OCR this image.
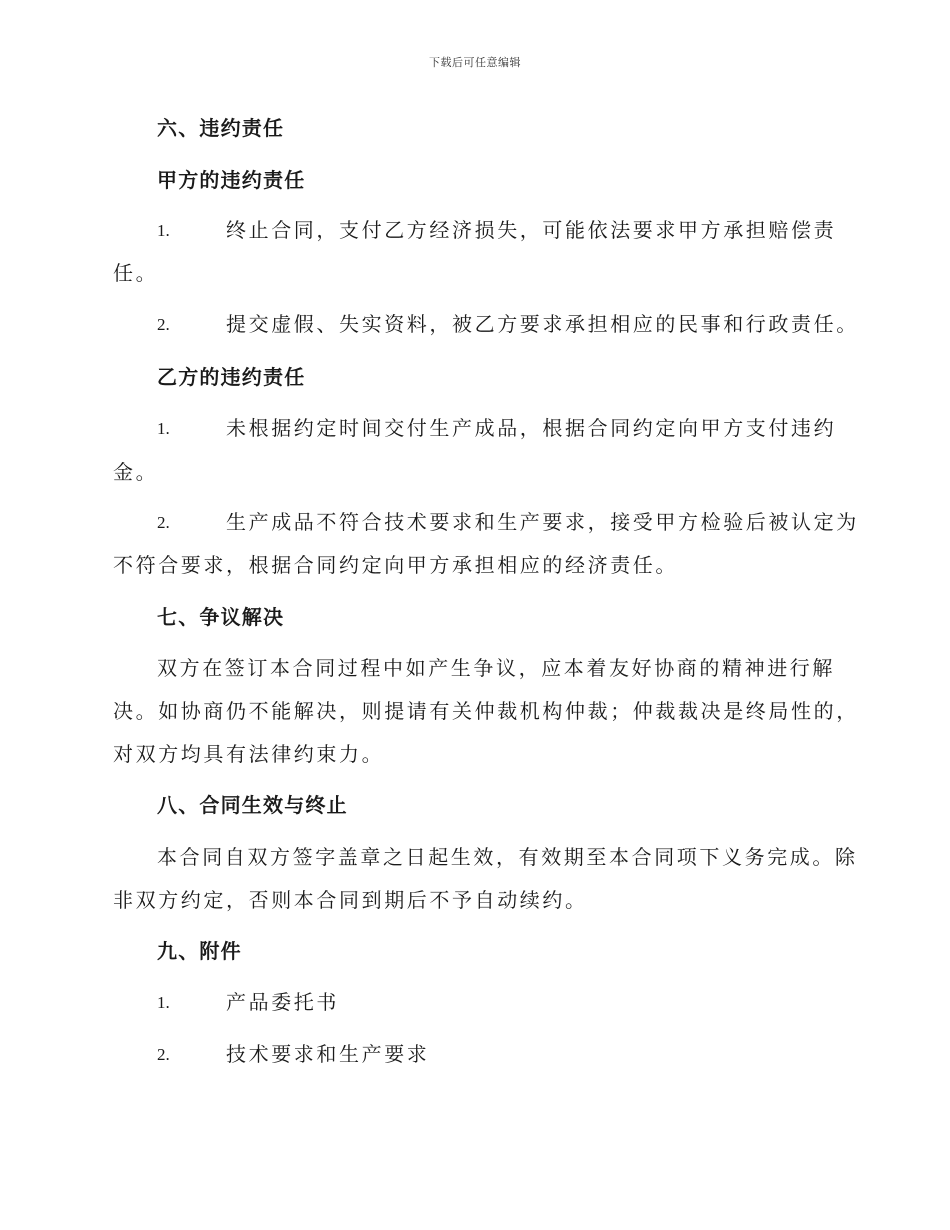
下载后可任意编辑
六、违约责任
甲方的违约责任
1.	终止合同，支付乙方经济损失，可能依法要求甲方承担赔偿责
任。
2.	提交虚假、失实资料，被乙方要求承担相应的民事和行政责任。
乙方的违约责任
1.	未根据约定时间交付生产成品，根据合同约定向甲方支付违约
金。
2.	生产成品不符合技术要求和生产要求，接受甲方检验后被认定为
不符合要求，根据合同约定向甲方承担相应的经济责任。
七、争议解决
双方在签订本合同过程中如产生争议，应本着友好协商的精神进行解
决。如协商仍不能解决，则提请有关仲裁机构仲裁；仲裁裁决是终局性的，
对双方均具有法律约束力。
八、合同生效与终止
本合同自双方签字盖章之日起生效，有效期至本合同项下义务完成。除
非双方约定，否则本合同到期后不予自动续约。
九、附件
1.	产品委托书
2.	技术要求和生产要求
